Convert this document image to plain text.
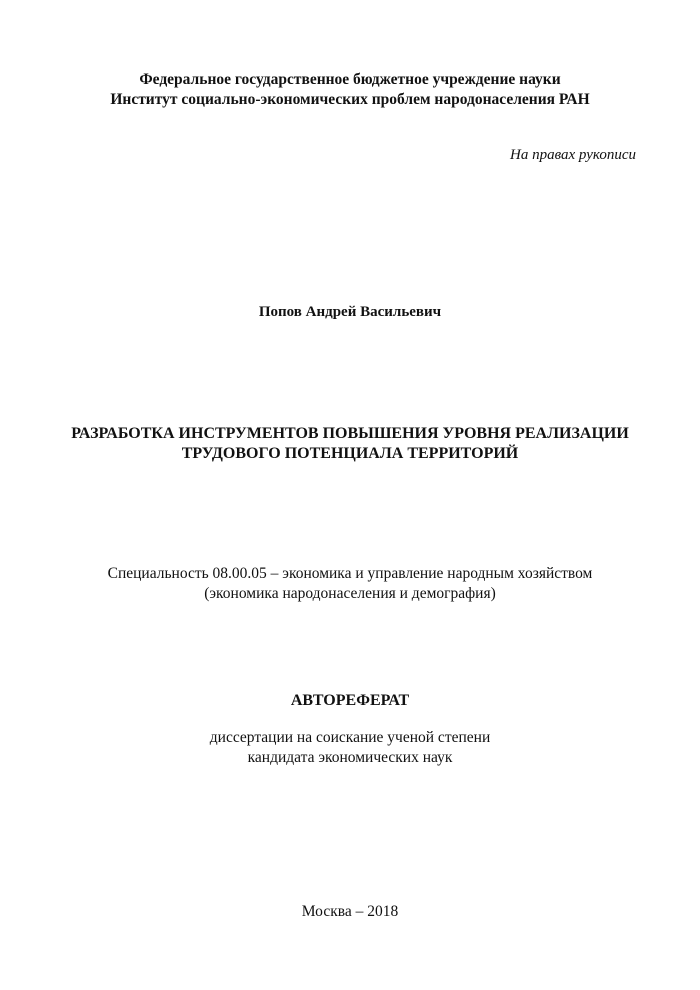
Федеральное государственное бюджетное учреждение науки
Институт социально-экономических проблем народонаселения РАН
На правах рукописи
Попов Андрей Васильевич
РАЗРАБОТКА ИНСТРУМЕНТОВ ПОВЫШЕНИЯ УРОВНЯ РЕАЛИЗАЦИИ
ТРУДОВОГО ПОТЕНЦИАЛА ТЕРРИТОРИЙ
Специальность 08.00.05 – экономика и управление народным хозяйством
(экономика народонаселения и демография)
АВТОРЕФЕРАТ
диссертации на соискание ученой степени
кандидата экономических наук
Москва – 2018
